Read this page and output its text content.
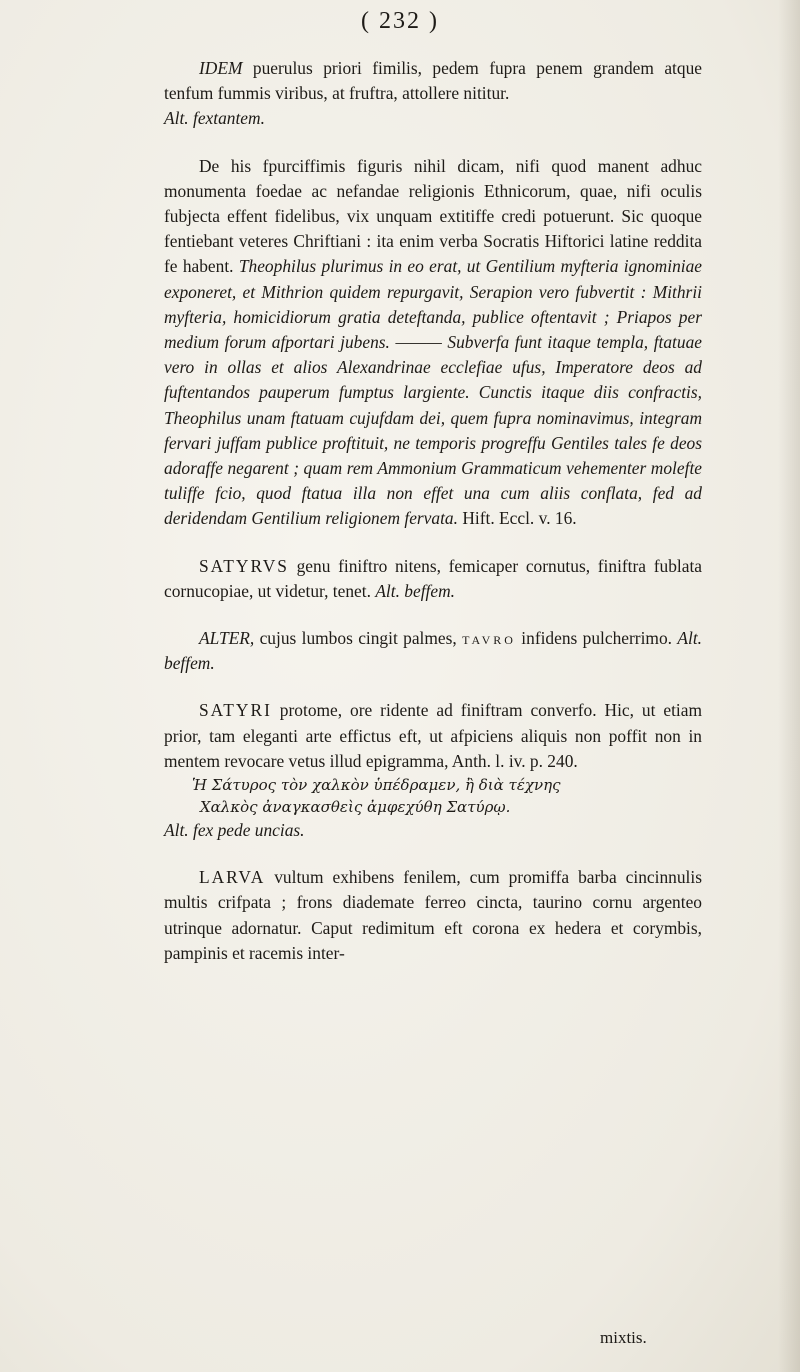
( 232 )

IDEM puerulus priori fimilis, pedem fupra penem grandem atque tenfum fummis viribus, at fruftra, attollere nititur.
Alt. fextantem.

De his fpurciffimis figuris nihil dicam, nifi quod manent adhuc monumenta foedae ac nefandae religionis Ethnicorum, quae, nifi oculis fubjecta effent fidelibus, vix unquam extitiffe credi potuerunt. Sic quoque fentiebant veteres Chriftiani : ita enim verba Socratis Hiftorici latine reddita fe habent. Theophilus plurimus in eo erat, ut Gentilium myfteria ignominiae exponeret, et Mithrion quidem repurgavit, Serapion vero fubvertit : Mithrii myfteria, homicidiorum gratia deteftanda, publice oftentavit ; Priapos per medium forum afportari jubens. ——— Subverfa funt itaque templa, ftatuae vero in ollas et alios Alexandrinae ecclefiae ufus, Imperatore deos ad fuftentandos pauperum fumptus largiente. Cunctis itaque diis confractis, Theophilus unam ftatuam cujufdam dei, quem fupra nominavimus, integram fervari juffam publice proftituit, ne temporis progreffu Gentiles tales fe deos adoraffe negarent ; quam rem Ammonium Grammaticum vehementer molefte tuliffe fcio, quod ftatua illa non effet una cum aliis conflata, fed ad deridendam Gentilium religionem fervata. Hift. Eccl. v. 16.

SATYRVS genu finiftro nitens, femicaper cornutus, finiftra fublata cornucopiae, ut videtur, tenet. Alt. beffem.

ALTER, cujus lumbos cingit palmes, tavro infidens pulcherrimo. Alt. beffem.

SATYRI protome, ore ridente ad finiftram converfo. Hic, ut etiam prior, tam eleganti arte effictus eft, ut afpiciens aliquis non poffit non in mentem revocare vetus illud epigramma, Anth. l. iv. p. 240.

Ἡ Σάτυρος τὸν χαλκὸν ὑπέδραμεν, ἢ διὰ τέχνης
Χαλκὸς ἀναγκασθεὶς ἀμφεχύθη Σατύρῳ.

Alt. fex pede uncias.

LARVA vultum exhibens fenilem, cum promiffa barba cincinnulis multis crifpata ; frons diademate ferreo cincta, taurino cornu argenteo utrinque adornatur. Caput redimitum eft corona ex hedera et corymbis, pampinis et racemis inter-

mixtis.
